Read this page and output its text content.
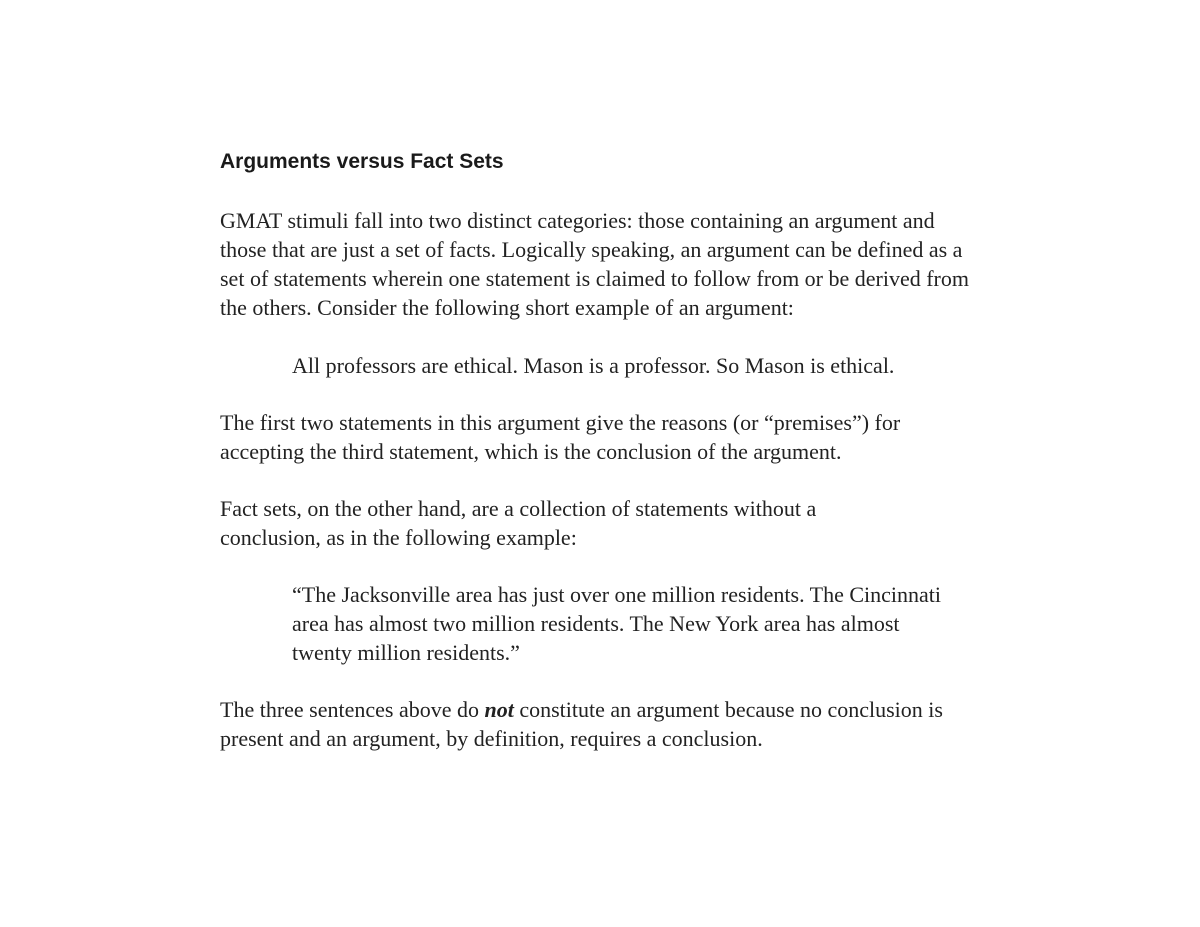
Arguments versus Fact Sets

GMAT stimuli fall into two distinct categories: those containing an argument and those that are just a set of facts. Logically speaking, an argument can be defined as a set of statements wherein one statement is claimed to follow from or be derived from the others. Consider the following short example of an argument:

All professors are ethical. Mason is a professor. So Mason is ethical.

The first two statements in this argument give the reasons (or “premises”) for accepting the third statement, which is the conclusion of the argument.

Fact sets, on the other hand, are a collection of statements without a conclusion, as in the following example:

“The Jacksonville area has just over one million residents. The Cincinnati area has almost two million residents. The New York area has almost twenty million residents.”

The three sentences above do not constitute an argument because no conclusion is present and an argument, by definition, requires a conclusion.
